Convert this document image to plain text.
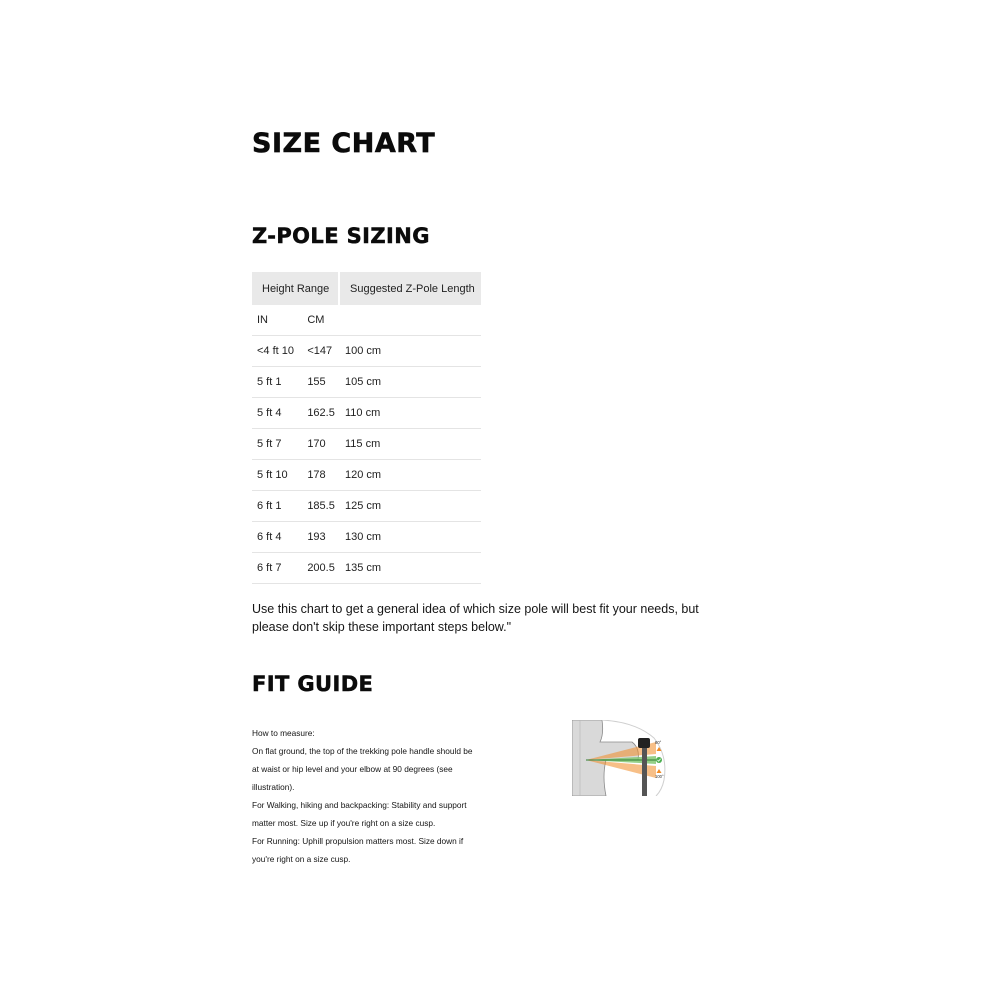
SIZE CHART
Z-POLE SIZING
Height Range		Suggested Z-Pole Length
IN	CM	
<4 ft 10	<147	100 cm
5 ft 1	155	105 cm
5 ft 4	162.5	110 cm
5 ft 7	170	115 cm
5 ft 10	178	120 cm
6 ft 1	185.5	125 cm
6 ft 4	193	130 cm
6 ft 7	200.5	135 cm

Use this chart to get a general idea of which size pole will best fit your needs, but please don't skip these important steps below."

FIT GUIDE
How to measure:
On flat ground, the top of the trekking pole handle should be
at waist or hip level and your elbow at 90 degrees (see
illustration).
For Walking, hiking and backpacking: Stability and support
matter most. Size up if you're right on a size cusp.
For Running: Uphill propulsion matters most. Size down if
you're right on a size cusp.
80°
100°
